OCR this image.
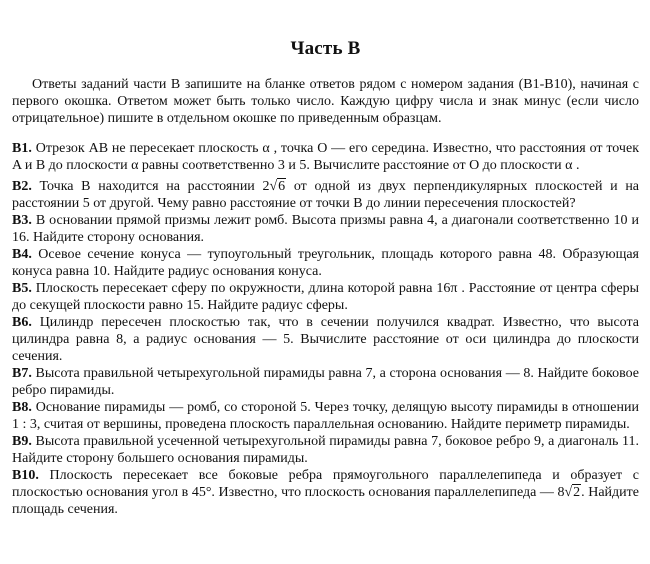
Часть B

Ответы заданий части B запишите на бланке ответов рядом с номером задания (B1-B10), начиная с первого окошка. Ответом может быть только число. Каждую цифру числа и знак минус (если число отрицательное) пишите в отдельном окошке по приведенным образцам.

B1. Отрезок AB не пересекает плоскость α , точка O — его середина. Известно, что расстояния от точек A и B до плоскости α равны соответственно 3 и 5. Вычислите расстояние от O до плоскости α .

B2. Точка B находится на расстоянии 2√6 от одной из двух перпендикулярных плоскостей и на расстоянии 5 от другой. Чему равно расстояние от точки B до линии пересечения плоскостей?

B3. В основании прямой призмы лежит ромб. Высота призмы равна 4, а диагонали соответственно 10 и 16. Найдите сторону основания.

B4. Осевое сечение конуса — тупоугольный треугольник, площадь которого равна 48. Образующая конуса равна 10. Найдите радиус основания конуса.

B5. Плоскость пересекает сферу по окружности, длина которой равна 16π . Расстояние от центра сферы до секущей плоскости равно 15. Найдите радиус сферы.

B6. Цилиндр пересечен плоскостью так, что в сечении получился квадрат. Известно, что высота цилиндра равна 8, а радиус основания — 5. Вычислите расстояние от оси цилиндра до плоскости сечения.

B7. Высота правильной четырехугольной пирамиды равна 7, а сторона основания — 8. Найдите боковое ребро пирамиды.

B8. Основание пирамиды — ромб, со стороной 5. Через точку, делящую высоту пирамиды в отношении 1 : 3, считая от вершины, проведена плоскость параллельная основанию. Найдите периметр пирамиды.

B9. Высота правильной усеченной четырехугольной пирамиды равна 7, боковое ребро 9, а диагональ 11. Найдите сторону большего основания пирамиды.

B10. Плоскость пересекает все боковые ребра прямоугольного параллелепипеда и образует с плоскостью основания угол в 45°. Известно, что плоскость основания параллелепипеда — 8√2. Найдите площадь сечения.
